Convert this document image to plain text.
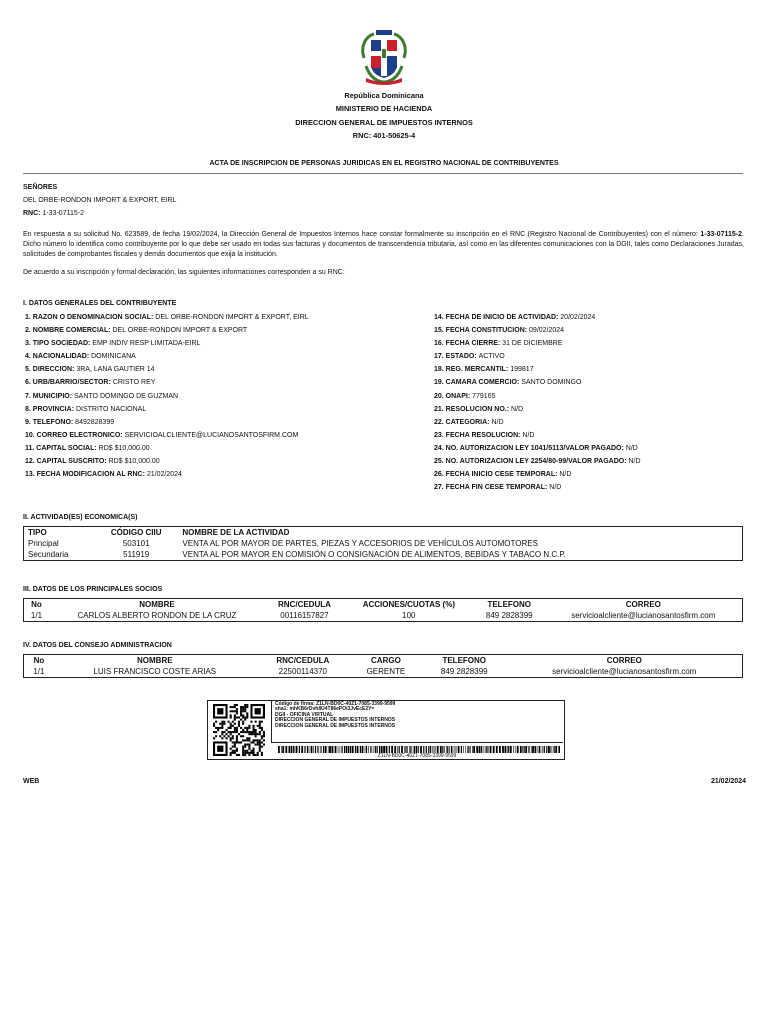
República Dominicana
MINISTERIO DE HACIENDA
DIRECCION GENERAL DE IMPUESTOS INTERNOS
RNC: 401-50625-4
ACTA DE INSCRIPCION DE PERSONAS JURIDICAS EN EL REGISTRO NACIONAL DE CONTRIBUYENTES
SEÑORES
DEL ORBE-RONDON IMPORT & EXPORT, EIRL
RNC: 1-33-07115-2
En respuesta a su solicitud No. 623589, de fecha 19/02/2024, la Dirección General de Impuestos Internos hace constar formalmente su inscripción en el RNC (Registro Nacional de Contribuyentes) con el número: 1-33-07115-2. Dicho número lo identifica como contribuyente por lo que debe ser usado en todas sus facturas y documentos de transcendencia tributaria, así como en las diferentes comunicaciones con la DGII, tales como Declaraciones Juradas, solicitudes de comprobantes fiscales y demás documentos que exija la institución.
De acuerdo a su inscripción y formal declaración, las siguientes informaciones corresponden a su RNC:
I. DATOS GENERALES DEL CONTRIBUYENTE
1. RAZON O DENOMINACION SOCIAL: DEL ORBE-RONDON IMPORT & EXPORT, EIRL
2. NOMBRE COMERCIAL: DEL ORBE-RONDON IMPORT & EXPORT
3. TIPO SOCIEDAD: EMP INDIV RESP LIMITADA-EIRL
4. NACIONALIDAD: DOMINICANA
5. DIRECCION: 3RA, LANA GAUTIER 14
6. URB/BARRIO/SECTOR: CRISTO REY
7. MUNICIPIO: SANTO DOMINGO DE GUZMAN
8. PROVINCIA: DISTRITO NACIONAL
9. TELEFONO: 8492828399
10. CORREO ELECTRONICO: SERVICIOALCLIENTE@LUCIANOSANTOSFIRM.COM
11. CAPITAL SOCIAL: RD$ $10,000.00
12. CAPITAL SUSCRITO: RD$ $10,000.00
13. FECHA MODIFICACION AL RNC: 21/02/2024
14. FECHA DE INICIO DE ACTIVIDAD: 20/02/2024
15. FECHA CONSTITUCION: 09/02/2024
16. FECHA CIERRE: 31 DE DICIEMBRE
17. ESTADO: ACTIVO
18. REG. MERCANTIL: 199817
19. CAMARA COMERCIO: SANTO DOMINGO
20. ONAPI: 779165
21. RESOLUCION NO.: N/D
22. CATEGORIA: N/D
23. FECHA RESOLUCION: N/D
24. NO. AUTORIZACION LEY 1041/5113/VALOR PAGADO: N/D
25. NO. AUTORIZACION LEY 2254/80-99/VALOR PAGADO: N/D
26. FECHA INICIO CESE TEMPORAL: N/D
27. FECHA FIN CESE TEMPORAL: N/D
II. ACTIVIDAD(ES) ECONOMICA(S)
TIPO	CÓDIGO CIIU	NOMBRE DE LA ACTIVIDAD
Principal	503101	VENTA AL POR MAYOR DE PARTES, PIEZAS Y ACCESORIOS DE VEHÍCULOS AUTOMOTORES
Secundaria	511919	VENTA AL POR MAYOR EN COMISIÓN O CONSIGNACIÓN DE ALIMENTOS, BEBIDAS Y TABACO N.C.P.
III. DATOS DE LOS PRINCIPALES SOCIOS
No	NOMBRE	RNC/CEDULA	ACCIONES/CUOTAS (%)	TELEFONO	CORREO
1/1	CARLOS ALBERTO RONDON DE LA CRUZ	00116157827	100	849 2828399	servicioalcliente@lucianosantosfirm.com
IV. DATOS DEL CONSEJO ADMINISTRACION
No	NOMBRE	RNC/CEDULA	CARGO	TELEFONO	CORREO
1/1	LUIS FRANCISCO COSTE ARIAS	22500114370	GERENTE	849 2828399	servicioalcliente@lucianosantosfirm.com
Código de firma: Z1LN-BD0C-40Z1-7085-3399-9599
sha1: mhKB6rDvh8U4T86ePOi3JvEcE2Y=
DGII - OFICINA VIRTUAL
DIRECCION GENERAL DE IMPUESTOS INTERNOS
DIRECCION GENERAL DE IMPUESTOS INTERNOS
Z1LN-BD0C-40Z1-7085-3399-9599
WEB	21/02/2024
